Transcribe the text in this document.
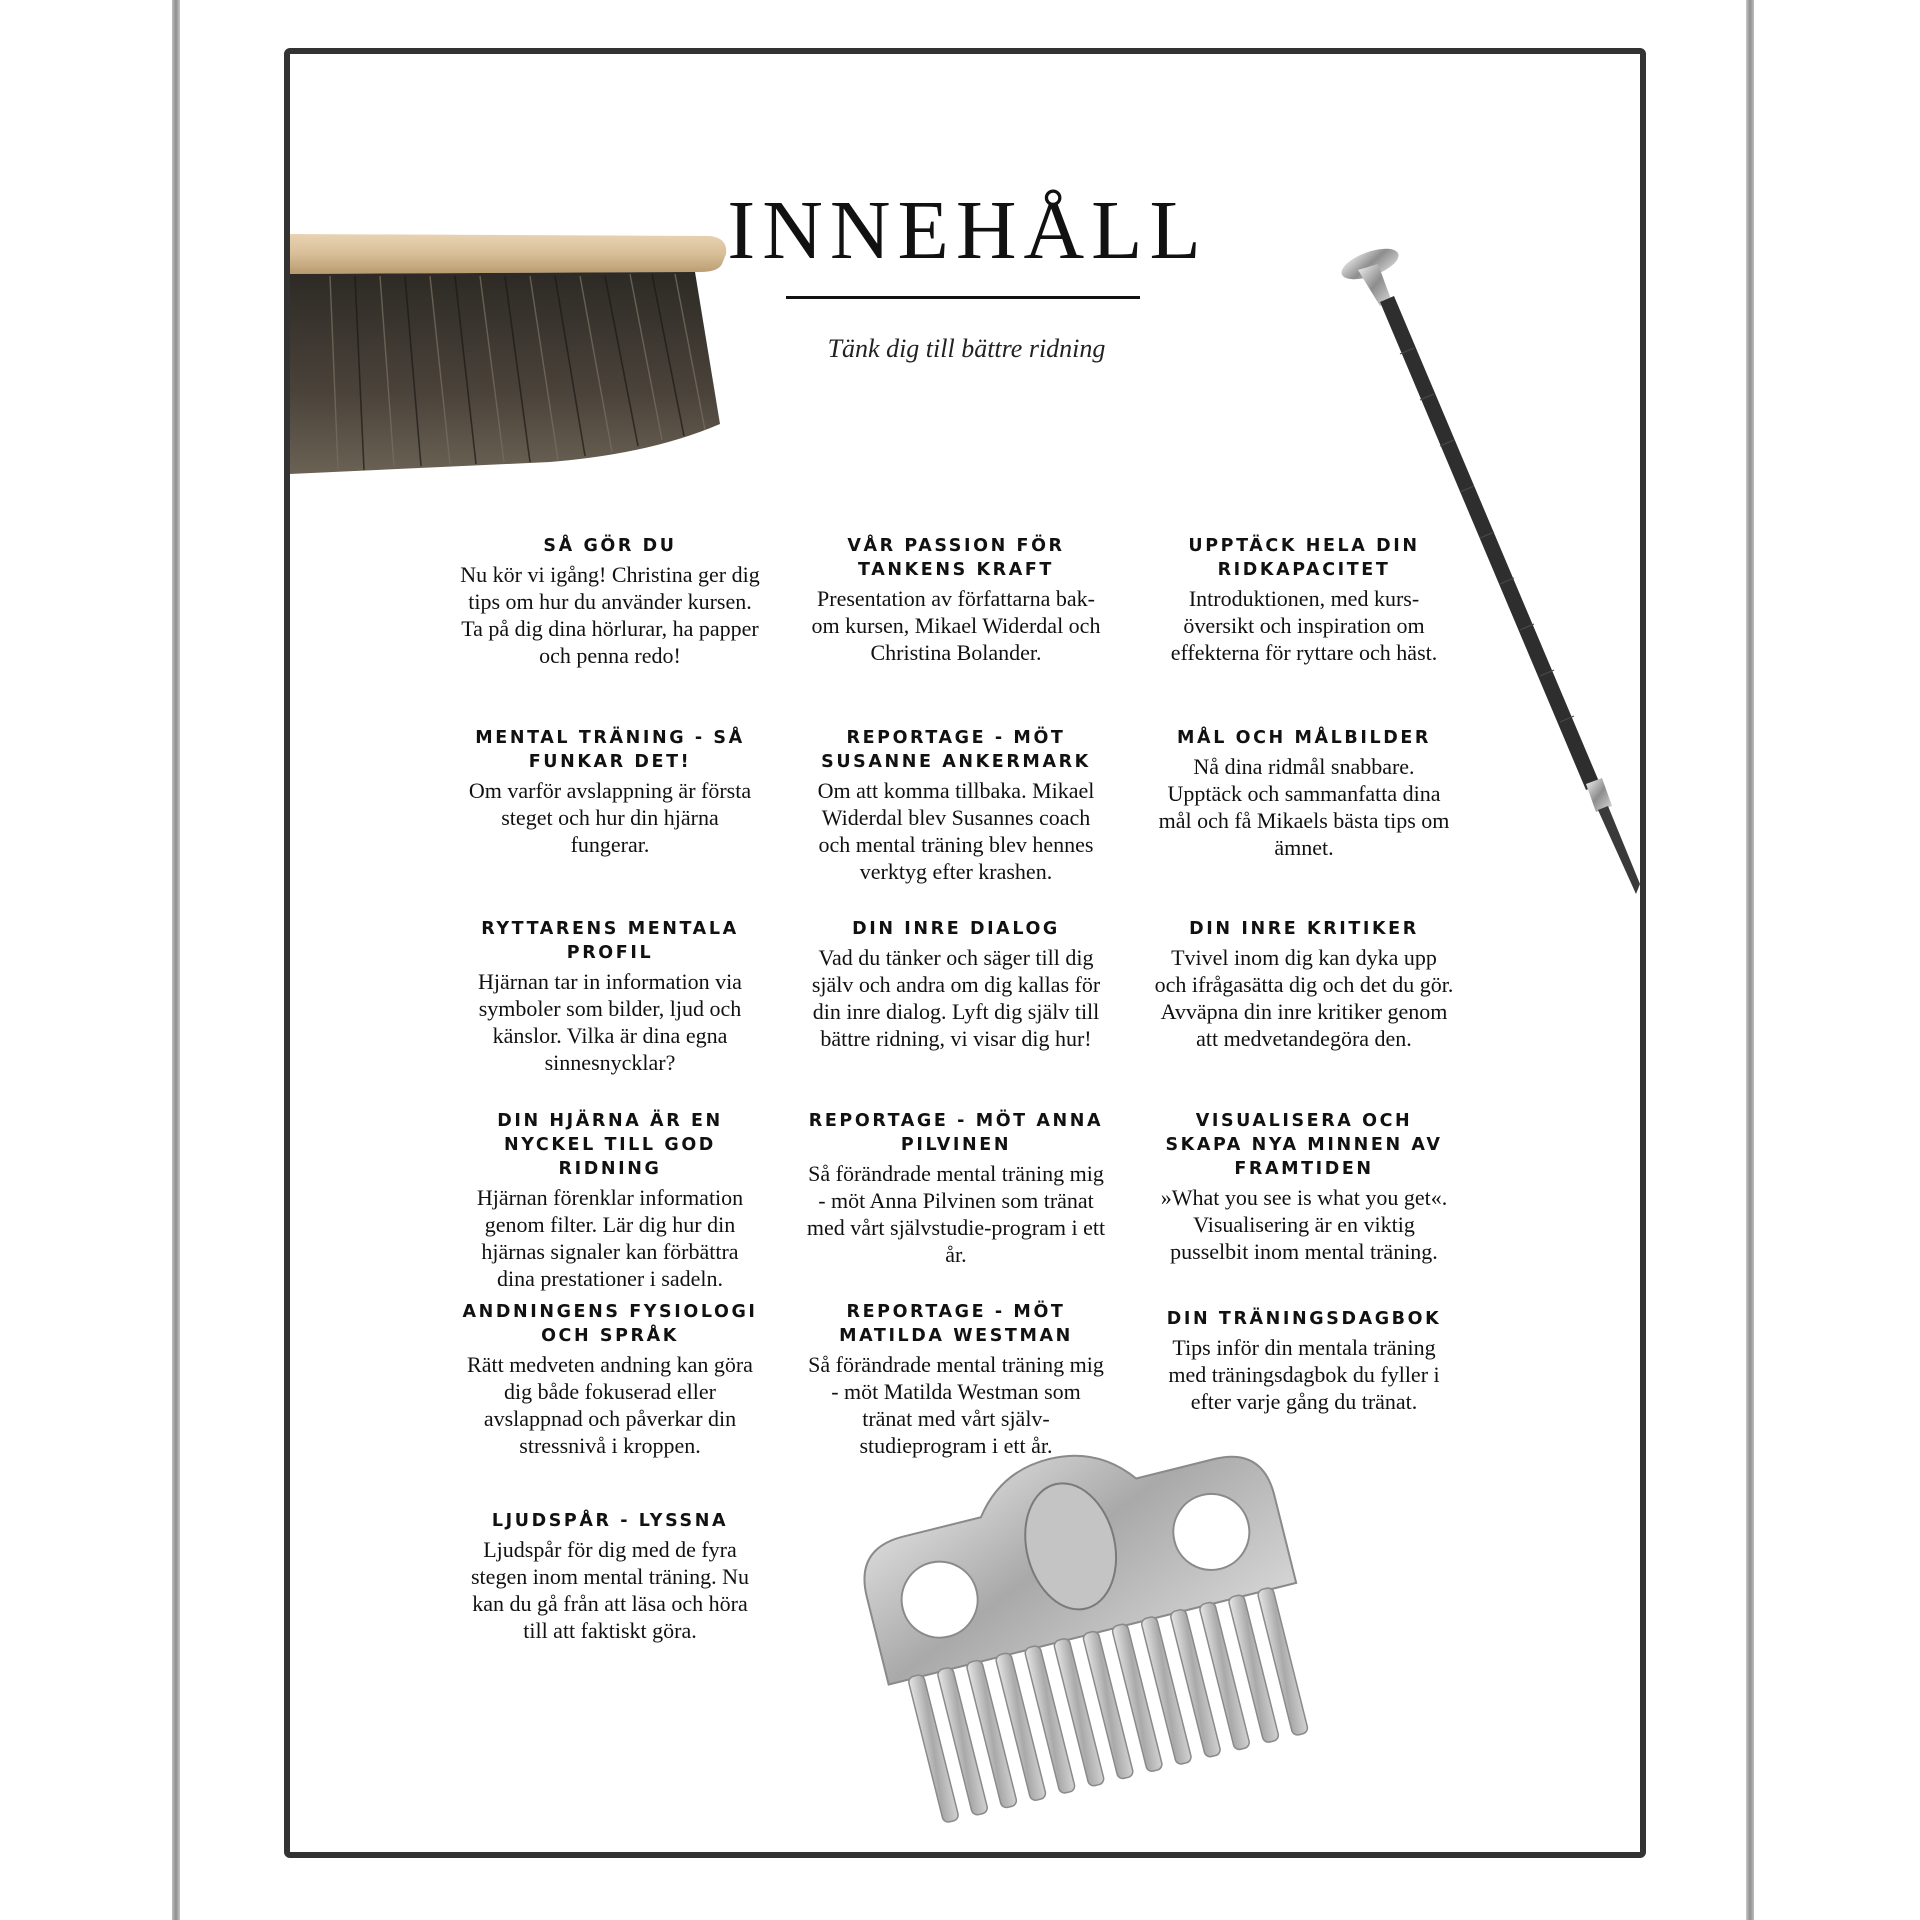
INNEHÅLL
Tänk dig till bättre ridning
SÅ GÖR DU
Nu kör vi igång! Christina ger dig tips om hur du använder kursen. Ta på dig dina hörlurar, ha papper och penna redo!
VÅR PASSION FÖR TANKENS KRAFT
Presentation av författarna bak-om kursen, Mikael Widerdal och Christina Bolander.
UPPTÄCK HELA DIN RIDKAPACITET
Introduktionen, med kurs-översikt och inspiration om effekterna för ryttare och häst.
MENTAL TRÄNING - SÅ FUNKAR DET!
Om varför avslappning är första steget och hur din hjärna fungerar.
REPORTAGE - MÖT SUSANNE ANKERMARK
Om att komma tillbaka. Mikael Widerdal blev Susannes coach och mental träning blev hennes verktyg efter krashen.
MÅL OCH MÅLBILDER
Nå dina ridmål snabbare. Upptäck och sammanfatta dina mål och få Mikaels bästa tips om ämnet.
RYTTARENS MENTALA PROFIL
Hjärnan tar in information via symboler som bilder, ljud och känslor. Vilka är dina egna sinnesnycklar?
DIN INRE DIALOG
Vad du tänker och säger till dig själv och andra om dig kallas för din inre dialog. Lyft dig själv till bättre ridning, vi visar dig hur!
DIN INRE KRITIKER
Tvivel inom dig kan dyka upp och ifrågasätta dig och det du gör. Avväpna din inre kritiker genom att medvetandegöra den.
DIN HJÄRNA ÄR EN NYCKEL TILL GOD RIDNING
Hjärnan förenklar information genom filter. Lär dig hur din hjärnas signaler kan förbättra dina prestationer i sadeln.
REPORTAGE - MÖT ANNA PILVINEN
Så förändrade mental träning mig - möt Anna Pilvinen som tränat med vårt självstudie-program i ett år.
VISUALISERA OCH SKAPA NYA MINNEN AV FRAMTIDEN
»What you see is what you get«. Visualisering är en viktig pusselbit inom mental träning.
ANDNINGENS FYSIOLOGI OCH SPRÅK
Rätt medveten andning kan göra dig både fokuserad eller avslappnad och påverkar din stressnivå i kroppen.
REPORTAGE - MÖT MATILDA WESTMAN
Så förändrade mental träning mig - möt Matilda Westman som tränat med vårt själv-studieprogram i ett år.
DIN TRÄNINGSDAGBOK
Tips inför din mentala träning med träningsdagbok du fyller i efter varje gång du tränat.
LJUDSPÅR - LYSSNA
Ljudspår för dig med de fyra stegen inom mental träning. Nu kan du gå från att läsa och höra till att faktiskt göra.
